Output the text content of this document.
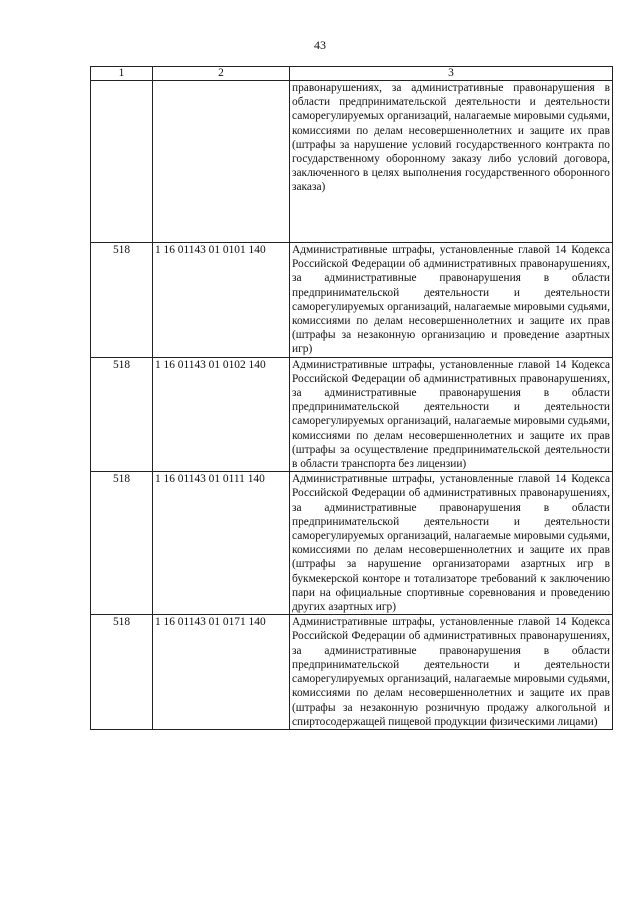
43
1	2	3
		правонарушениях, за административные правонарушения в области предпринимательской деятельности и деятельности саморегулируемых организаций, налагаемые мировыми судьями, комиссиями по делам несовершеннолетних и защите их прав (штрафы за нарушение условий государственного контракта по государственному оборонному заказу либо условий договора, заключенного в целях выполнения государственного оборонного заказа)
518	1 16 01143 01 0101 140	Административные штрафы, установленные главой 14 Кодекса Российской Федерации об административных правонарушениях, за административные правонарушения в области предпринимательской деятельности и деятельности саморегулируемых организаций, налагаемые мировыми судьями, комиссиями по делам несовершеннолетних и защите их прав (штрафы за незаконную организацию и проведение азартных игр)
518	1 16 01143 01 0102 140	Административные штрафы, установленные главой 14 Кодекса Российской Федерации об административных правонарушениях, за административные правонарушения в области предпринимательской деятельности и деятельности саморегулируемых организаций, налагаемые мировыми судьями, комиссиями по делам несовершеннолетних и защите их прав (штрафы за осуществление предпринимательской деятельности в области транспорта без лицензии)
518	1 16 01143 01 0111 140	Административные штрафы, установленные главой 14 Кодекса Российской Федерации об административных правонарушениях, за административные правонарушения в области предпринимательской деятельности и деятельности саморегулируемых организаций, налагаемые мировыми судьями, комиссиями по делам несовершеннолетних и защите их прав (штрафы за нарушение организаторами азартных игр в букмекерской конторе и тотализаторе требований к заключению пари на официальные спортивные соревнования и проведению других азартных игр)
518	1 16 01143 01 0171 140	Административные штрафы, установленные главой 14 Кодекса Российской Федерации об административных правонарушениях, за административные правонарушения в области предпринимательской деятельности и деятельности саморегулируемых организаций, налагаемые мировыми судьями, комиссиями по делам несовершеннолетних и защите их прав (штрафы за незаконную розничную продажу алкогольной и спиртосодержащей пищевой продукции физическими лицами)
